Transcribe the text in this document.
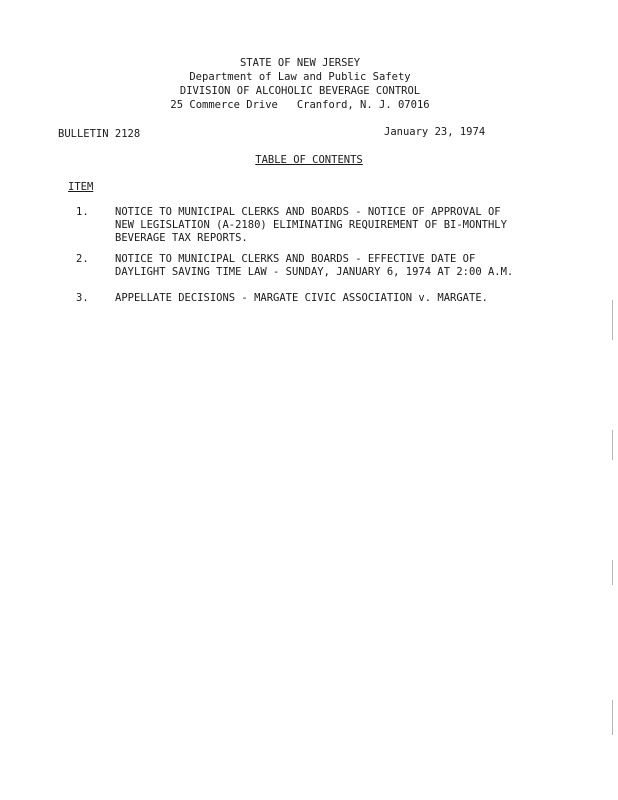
STATE OF NEW JERSEY
Department of Law and Public Safety
DIVISION OF ALCOHOLIC BEVERAGE CONTROL
25 Commerce Drive   Cranford, N. J. 07016
BULLETIN 2128	January 23, 1974
TABLE OF CONTENTS
ITEM
1.	NOTICE TO MUNICIPAL CLERKS AND BOARDS - NOTICE OF APPROVAL OF
NEW LEGISLATION (A-2180) ELIMINATING REQUIREMENT OF BI-MONTHLY
BEVERAGE TAX REPORTS.
2.	NOTICE TO MUNICIPAL CLERKS AND BOARDS - EFFECTIVE DATE OF
DAYLIGHT SAVING TIME LAW - SUNDAY, JANUARY 6, 1974 AT 2:00 A.M.
3.	APPELLATE DECISIONS - MARGATE CIVIC ASSOCIATION v. MARGATE.
